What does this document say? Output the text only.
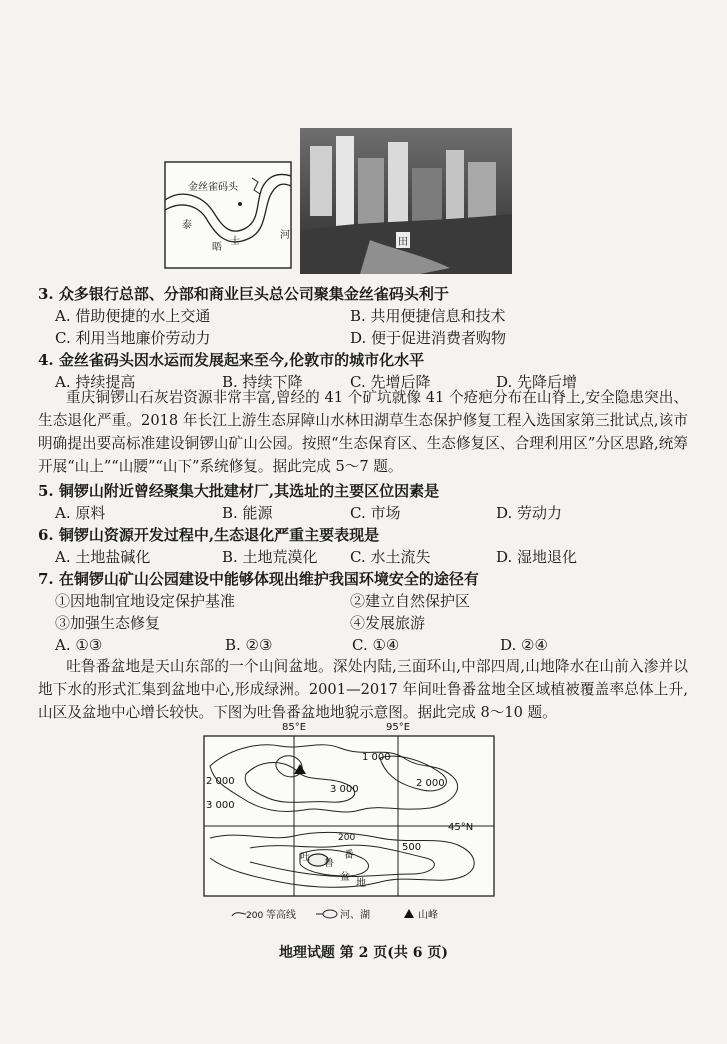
金丝雀码头
泰
晤
士
河
田
3. 众多银行总部、分部和商业巨头总公司聚集金丝雀码头利于
A. 借助便捷的水上交通	B. 共用便捷信息和技术
C. 利用当地廉价劳动力	D. 便于促进消费者购物
4. 金丝雀码头因水运而发展起来至今,伦敦市的城市化水平
A. 持续提高	B. 持续下降	C. 先增后降	D. 先降后增
重庆铜锣山石灰岩资源非常丰富,曾经的 41 个矿坑就像 41 个疮疤分布在山脊上,安全隐患突出、生态退化严重。2018 年长江上游生态屏障山水林田湖草生态保护修复工程入选国家第三批试点,该市明确提出要高标准建设铜锣山矿山公园。按照“生态保育区、生态修复区、合理利用区”分区思路,统筹开展“山上”“山腰”“山下”系统修复。据此完成 5～7 题。
5. 铜锣山附近曾经聚集大批建材厂,其选址的主要区位因素是
A. 原料	B. 能源	C. 市场	D. 劳动力
6. 铜锣山资源开发过程中,生态退化严重主要表现是
A. 土地盐碱化	B. 土地荒漠化 C. 水土流失	D. 湿地退化
7. 在铜锣山矿山公园建设中能够体现出维护我国环境安全的途径有
①因地制宜地设定保护基准	②建立自然保护区
③加强生态修复	④发展旅游
A. ①③	B. ②③	C. ①④	D. ②④
吐鲁番盆地是天山东部的一个山间盆地。深处内陆,三面环山,中部四周,山地降水在山前入渗并以地下水的形式汇集到盆地中心,形成绿洲。2001—2017 年间吐鲁番盆地全区域植被覆盖率总体上升,山区及盆地中心增长较快。下图为吐鲁番盆地地貌示意图。据此完成 8～10 题。
85°E	95°E
45°N
1 000
2 000
3 000
3 000
2 000
200
500
吐
鲁
番
盆
地
200 等高线	河、湖	山峰
地理试题 第 2 页(共 6 页)
